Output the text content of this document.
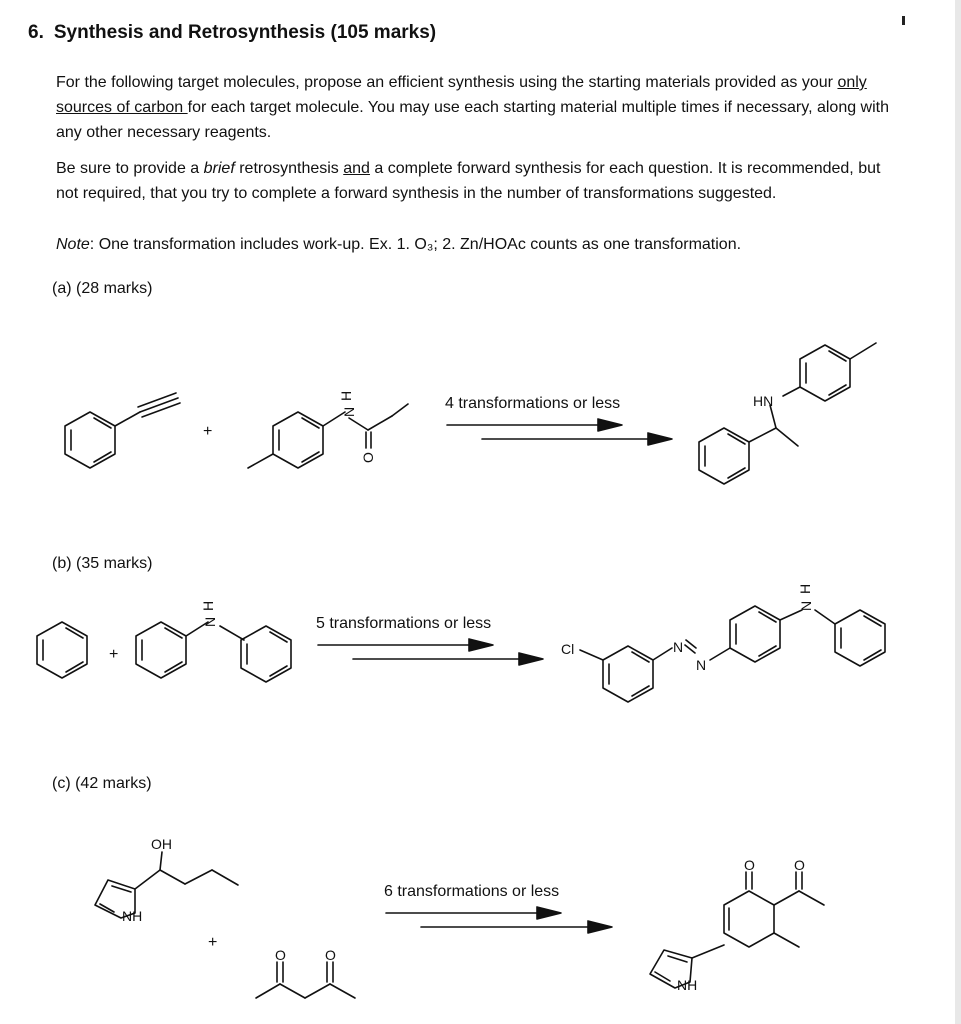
6. Synthesis and Retrosynthesis (105 marks)
For the following target molecules, propose an efficient synthesis using the starting materials provided as your only sources of carbon for each target molecule. You may use each starting material multiple times if necessary, along with any other necessary reagents.
Be sure to provide a brief retrosynthesis and a complete forward synthesis for each question. It is recommended, but not required, that you try to complete a forward synthesis in the number of transformations suggested.
Note: One transformation includes work-up. Ex. 1. O₃; 2. Zn/HOAc counts as one transformation.
(a) (28 marks)
(b) (35 marks)
(c) (42 marks)
+
H
N
O
4 transformations or less	HN
+
H
N	5 transformations or less
Cl	N
N
H
N
OH
NH
+
O	O
6 transformations or less
O	O
NH
